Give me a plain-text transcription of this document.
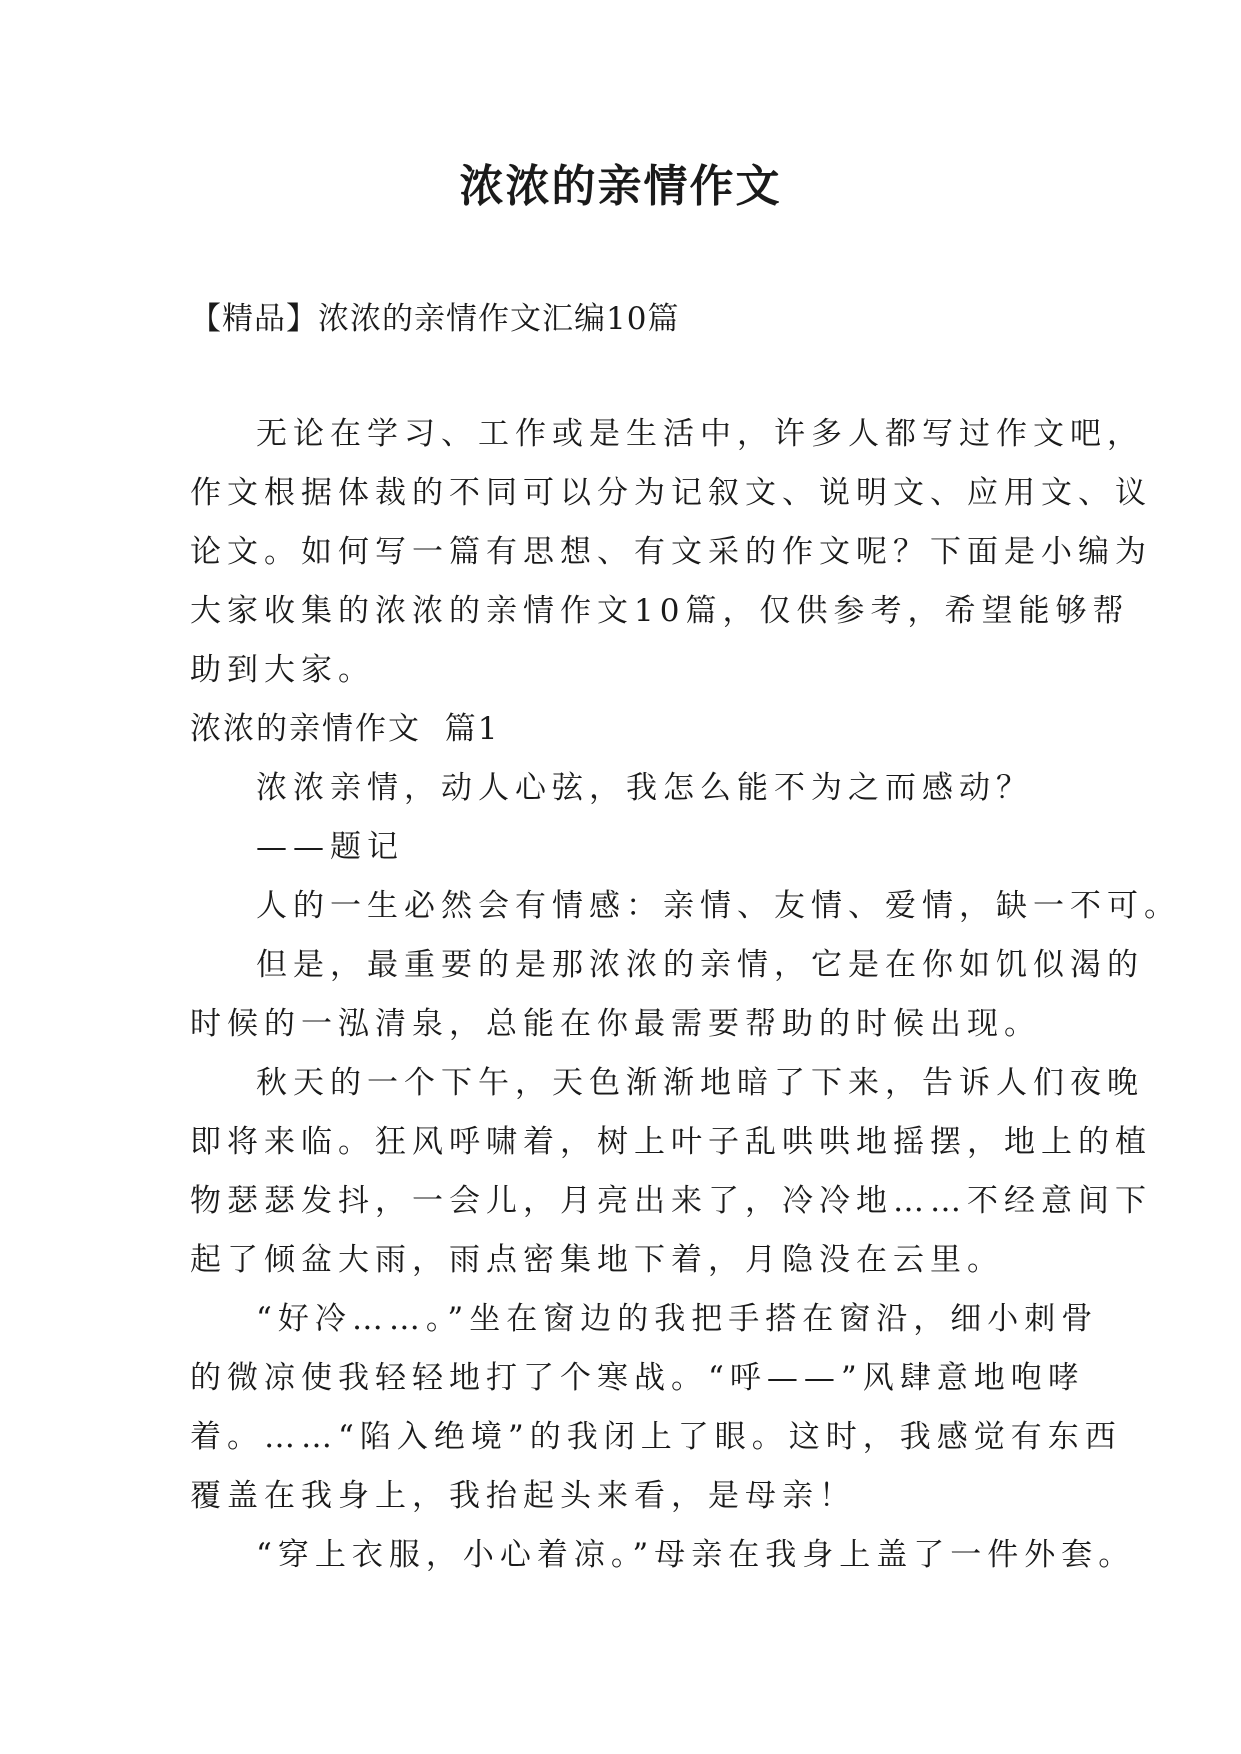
浓浓的亲情作文
【精品】浓浓的亲情作文汇编10篇
无论在学习、工作或是生活中，许多人都写过作文吧，
作文根据体裁的不同可以分为记叙文、说明文、应用文、议
论文。如何写一篇有思想、有文采的作文呢？下面是小编为
大家收集的浓浓的亲情作文10篇，仅供参考，希望能够帮
助到大家。
浓浓的亲情作文  篇1
浓浓亲情，动人心弦，我怎么能不为之而感动？
——题记
人的一生必然会有情感：亲情、友情、爱情，缺一不可。
但是，最重要的是那浓浓的亲情，它是在你如饥似渴的
时候的一泓清泉，总能在你最需要帮助的时候出现。
秋天的一个下午，天色渐渐地暗了下来，告诉人们夜晚
即将来临。狂风呼啸着，树上叶子乱哄哄地摇摆，地上的植
物瑟瑟发抖，一会儿，月亮出来了，冷冷地……不经意间下
起了倾盆大雨，雨点密集地下着，月隐没在云里。
“好冷……。”坐在窗边的我把手搭在窗沿，细小刺骨
的微凉使我轻轻地打了个寒战。“呼——”风肆意地咆哮
着。……“陷入绝境”的我闭上了眼。这时，我感觉有东西
覆盖在我身上，我抬起头来看，是母亲！
“穿上衣服，小心着凉。”母亲在我身上盖了一件外套。
